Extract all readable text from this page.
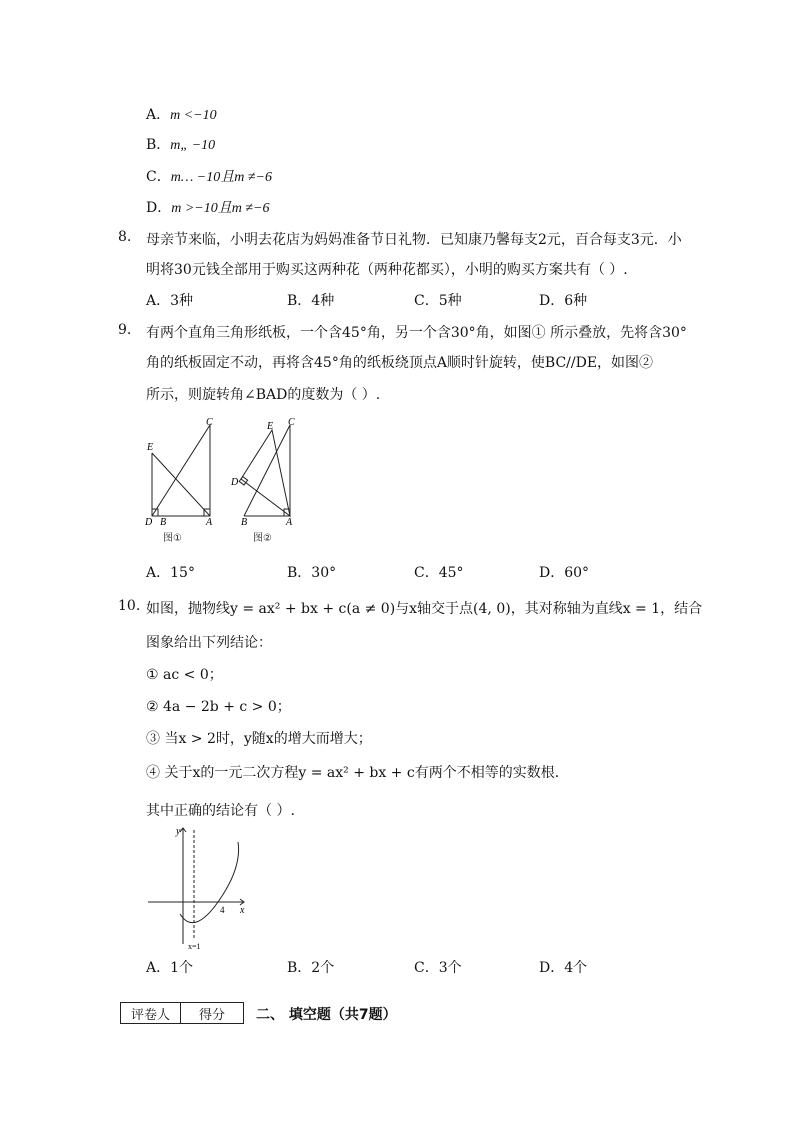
A．m <−10
B．m„ −10
C．m… −10且m ≠−6
D．m >−10且m ≠−6
8. 母亲节来临，小明去花店为妈妈准备节日礼物．已知康乃馨每支2元，百合每支3元．小
明将30元钱全部用于购买这两种花（两种花都买），小明的购买方案共有（ ）.
A．3种	B．4种	C．5种	D．6种
9. 有两个直角三角形纸板，一个含45°角，另一个含30°角，如图① 所示叠放，先将含30°
角的纸板固定不动，再将含45°角的纸板绕顶点A顺时针旋转，使BC//DE，如图②
所示，则旋转角∠BAD的度数为（ ）.
E
C
D B	A
图①
E C
D
B	A
图②
A．15°	B．30°	C．45°	D．60°
10. 如图，抛物线y = ax² + bx + c(a ≠ 0)与x轴交于点(4, 0)，其对称轴为直线x = 1，结合
图象给出下列结论：
① ac < 0；
② 4a − 2b + c > 0；
③ 当x > 2时，y随x的增大而增大；
④ 关于x的一元二次方程y = ax² + bx + c有两个不相等的实数根．
其中正确的结论有（ ）.
y
x
4
x=1
A．1个	B．2个	C．3个	D．4个
评卷人	得分 二、 填空题（共7题）
